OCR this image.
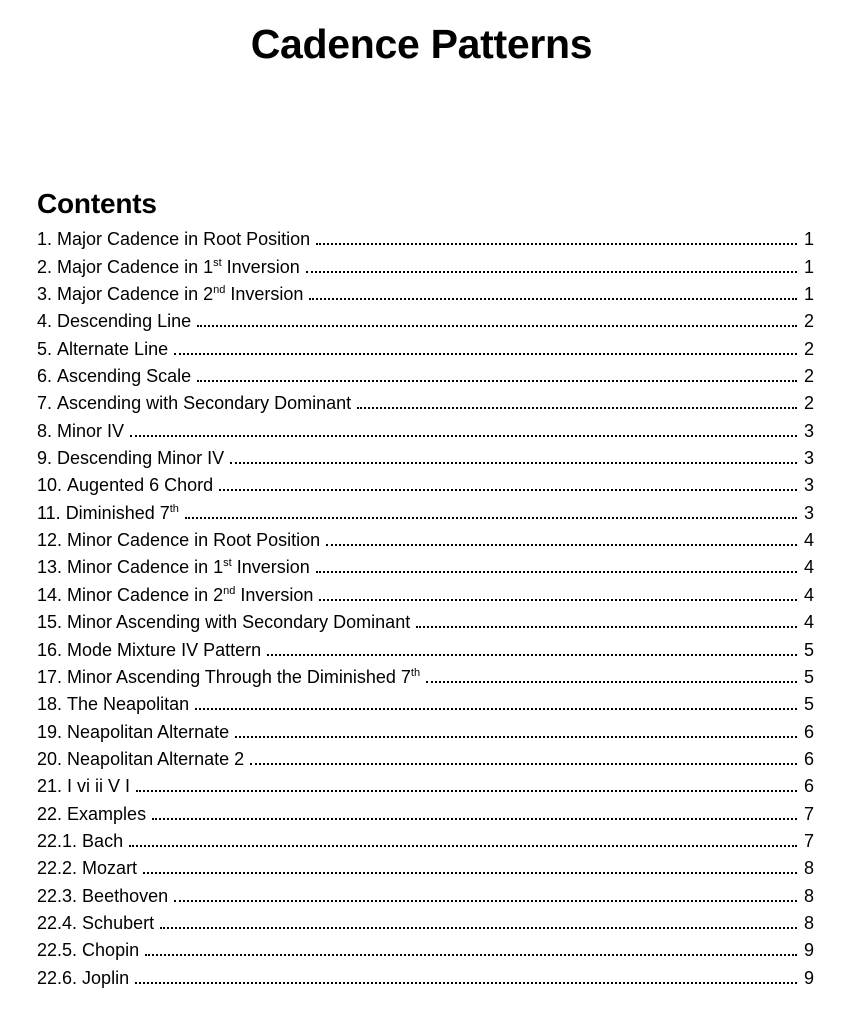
Cadence Patterns
Contents
1. Major Cadence in Root Position	1
2. Major Cadence in 1st Inversion	1
3. Major Cadence in 2nd Inversion	1
4. Descending Line	2
5. Alternate Line	2
6. Ascending Scale	2
7. Ascending with Secondary Dominant	2
8. Minor IV	3
9. Descending Minor IV	3
10. Augented 6 Chord	3
11. Diminished 7th	3
12. Minor Cadence in Root Position	4
13. Minor Cadence in 1st Inversion	4
14. Minor Cadence in 2nd Inversion	4
15. Minor Ascending with Secondary Dominant	4
16. Mode Mixture IV Pattern	5
17. Minor Ascending Through the Diminished 7th	5
18. The Neapolitan	5
19. Neapolitan Alternate	6
20. Neapolitan Alternate 2	6
21. I vi ii V I	6
22. Examples	7
22.1. Bach	7
22.2. Mozart	8
22.3. Beethoven	8
22.4. Schubert	8
22.5. Chopin	9
22.6. Joplin	9
